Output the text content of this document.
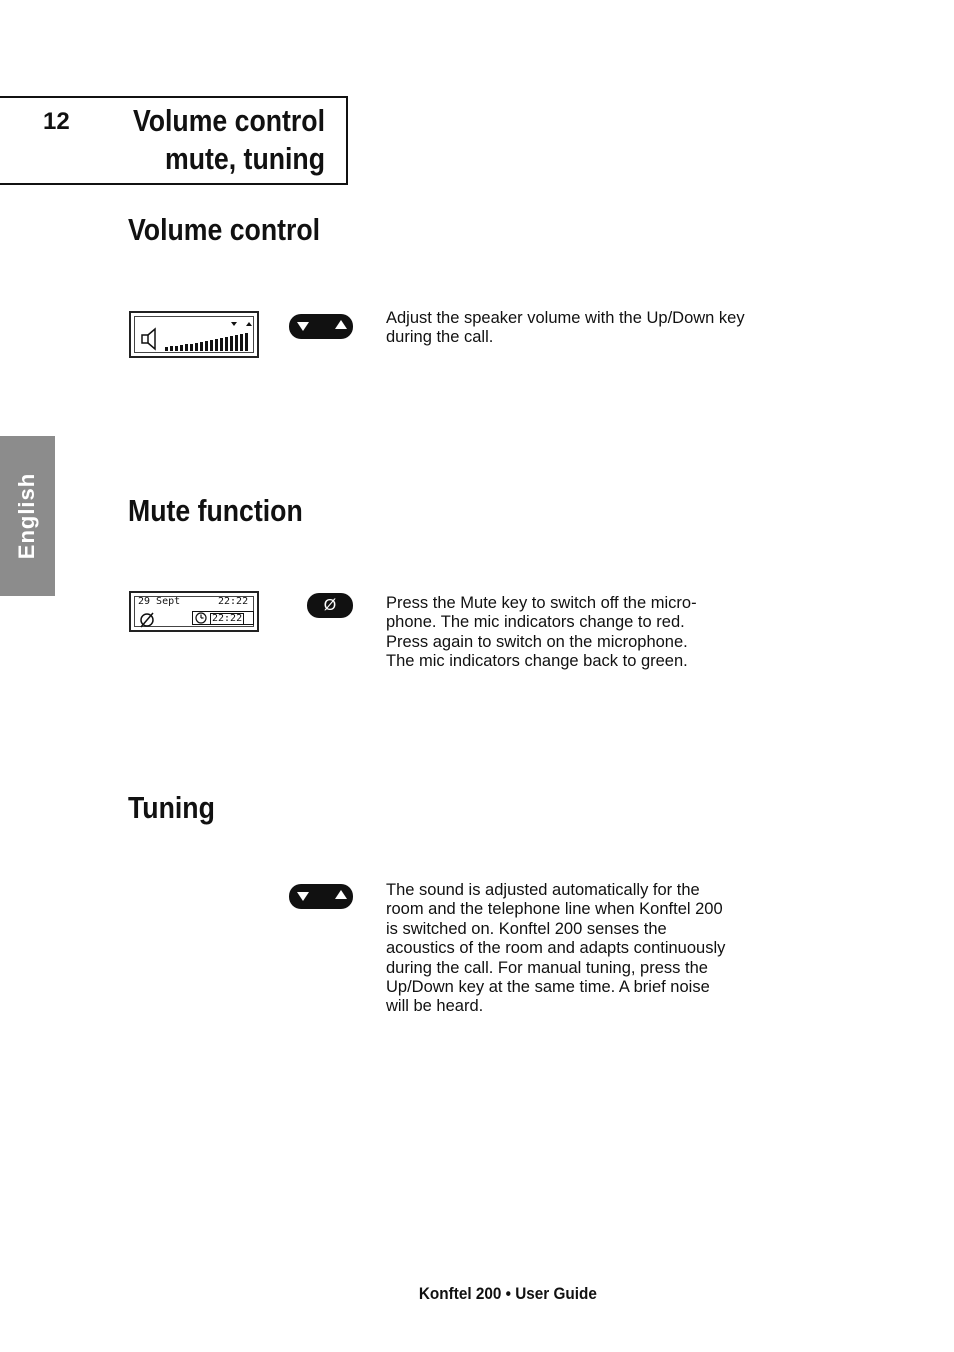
12 Volume control
mute, tuning
English
Volume control

Adjust the speaker volume with the Up/Down key during the call.

Mute function
29 Sept	22:22
22:22
Ø	Press the Mute key to switch off the micro-

phone. The mic indicators change to red.

Press again to switch on the microphone.

The mic indicators change back to green.

Tuning

The sound is adjusted automatically for the

room and the telephone line when Konftel 200

is switched on. Konftel 200 senses the

acoustics of the room and adapts continuously

during the call. For manual tuning, press the

Up/Down key at the same time. A brief noise

will be heard.

Konftel 200 • User Guide
